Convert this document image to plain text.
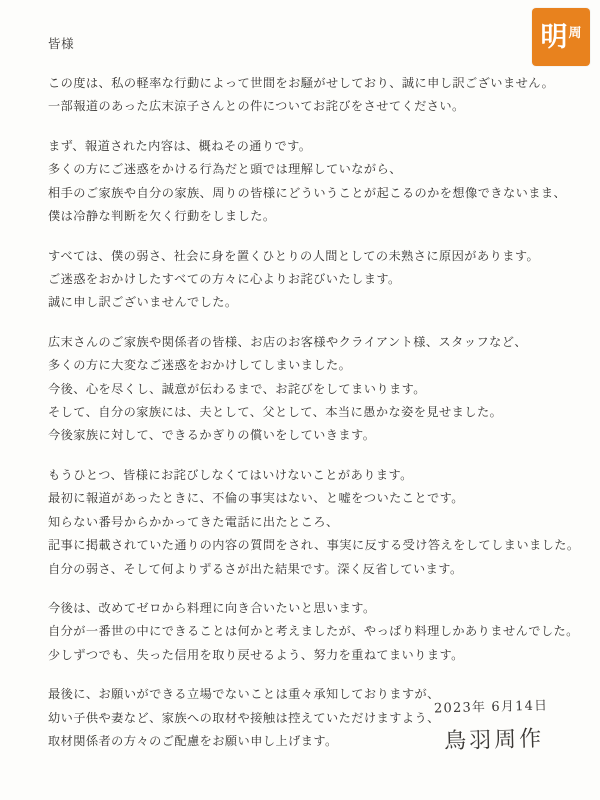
明 周
皆様
この度は、私の軽率な行動によって世間をお騒がせしており、誠に申し訳ございません。
一部報道のあった広末涼子さんとの件についてお詫びをさせてください。
まず、報道された内容は、概ねその通りです。
多くの方にご迷惑をかける行為だと頭では理解していながら、
相手のご家族や自分の家族、周りの皆様にどういうことが起こるのかを想像できないまま、
僕は冷静な判断を欠く行動をしました。
すべては、僕の弱さ、社会に身を置くひとりの人間としての未熟さに原因があります。
ご迷惑をおかけしたすべての方々に心よりお詫びいたします。
誠に申し訳ございませんでした。
広末さんのご家族や関係者の皆様、お店のお客様やクライアント様、スタッフなど、
多くの方に大変なご迷惑をおかけしてしまいました。
今後、心を尽くし、誠意が伝わるまで、お詫びをしてまいります。
そして、自分の家族には、夫として、父として、本当に愚かな姿を見せました。
今後家族に対して、できるかぎりの償いをしていきます。
もうひとつ、皆様にお詫びしなくてはいけないことがあります。
最初に報道があったときに、不倫の事実はない、と嘘をついたことです。
知らない番号からかかってきた電話に出たところ、
記事に掲載されていた通りの内容の質問をされ、事実に反する受け答えをしてしまいました。
自分の弱さ、そして何よりずるさが出た結果です。深く反省しています。
今後は、改めてゼロから料理に向き合いたいと思います。
自分が一番世の中にできることは何かと考えましたが、やっぱり料理しかありませんでした。
少しずつでも、失った信用を取り戻せるよう、努力を重ねてまいります。
最後に、お願いができる立場でないことは重々承知しておりますが、
幼い子供や妻など、家族への取材や接触は控えていただけますよう、
取材関係者の方々のご配慮をお願い申し上げます。
2023年 6月14日
鳥羽周作
